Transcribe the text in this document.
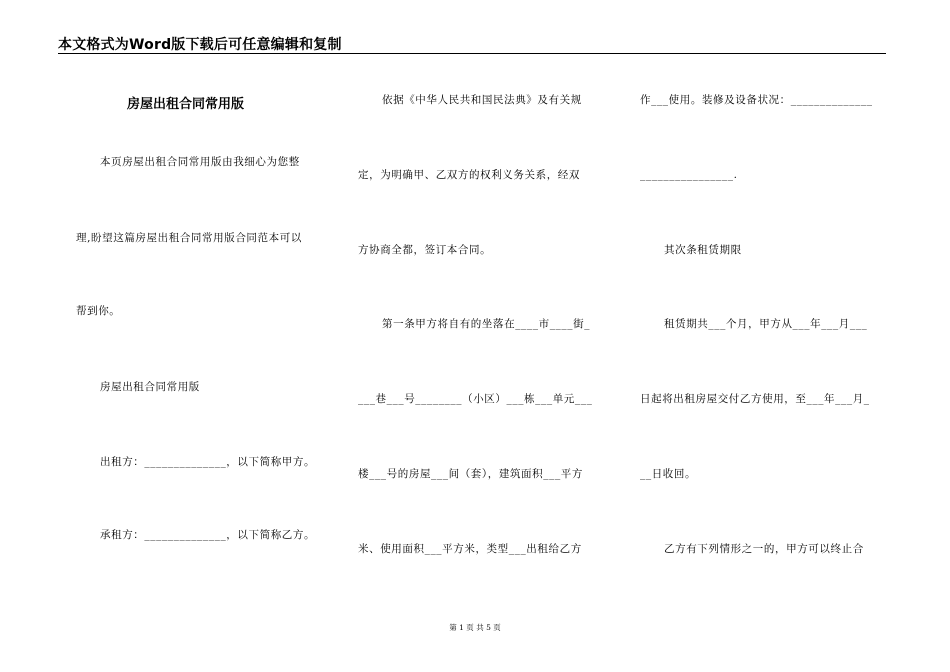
本文格式为Word版下载后可任意编辑和复制
房屋出租合同常用版
本页房屋出租合同常用版由我细心为您整
理,盼望这篇房屋出租合同常用版合同范本可以
帮到你。
房屋出租合同常用版
出租方：______________，以下简称甲方。
承租方：______________，以下简称乙方。
依据《中华人民共和国民法典》及有关规
定，为明确甲、乙双方的权利义务关系，经双
方协商全都，签订本合同。
第一条甲方将自有的坐落在____市____街_
___巷___号________（小区）___栋___单元___
楼___号的房屋___间（套），建筑面积___平方
米、使用面积___平方米，类型___出租给乙方
作___使用。装修及设备状况：______________
________________.
其次条租赁期限
租赁期共___个月，甲方从___年___月___
日起将出租房屋交付乙方使用，至___年___月_
__日收回。
乙方有下列情形之一的，甲方可以终止合
第 1 页 共 5 页
